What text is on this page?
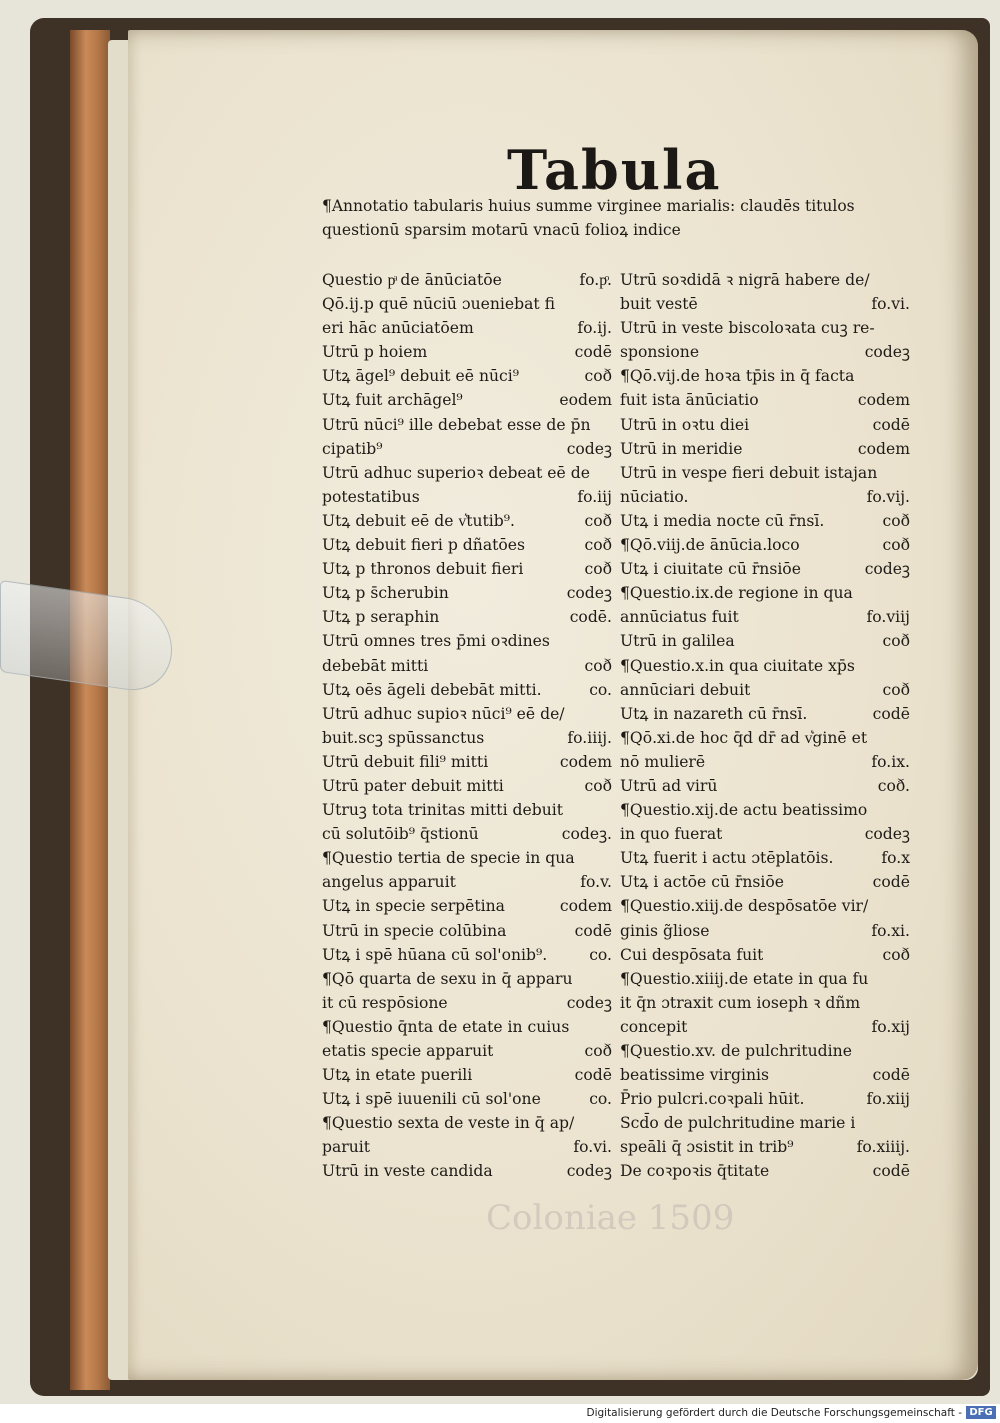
Tabula

¶Annotatio tabularis huius summe virginee marialis: claudēs titulos questionū sparsim motarū vnacū folioꝝ indice

Questio pͣ de ānūciatōe	fo.pͦ.
Qō.ij.p quē nūciū ɔueniebat fi
eri hāc anūciatōem	fo.ij.
Utrū p hoiem	codē
Utꝝ āgel⁹ debuit eē nūci⁹	coð
Utꝝ fuit archāgel⁹	eodem
Utrū nūci⁹ ille debebat esse de p̄n
cipatib⁹	codeꝫ
Utrū adhuc superioꝛ debeat eē de
potestatibus	fo.iij
Utꝝ debuit eē de v͛tutib⁹.	coð
Utꝝ debuit fieri p dñatōes	coð
Utꝝ p thronos debuit fieri	coð
Utꝝ p s̄cherubin	codeꝫ
Utꝝ p seraphin	codē.
Utrū omnes tres p̄mi oꝛdines
debebāt mitti	coð
Utꝝ oēs āgeli debebāt mitti.	co.
Utrū adhuc supioꝛ nūci⁹ eē de/
buit.scꝫ spūssanctus	fo.iiij.
Utrū debuit fili⁹ mitti	codem
Utrū pater debuit mitti	coð
Utruꝫ tota trinitas mitti debuit
cū solutōib⁹ q̄stionū	codeꝫ.
¶Questio tertia de specie in qua
angelus apparuit	fo.v.
Utꝝ in specie serpētina	codem
Utrū in specie colūbina	codē
Utꝝ i spē hūana cū sol'onib⁹.	co.
¶Qō quarta de sexu in q̄ apparu
it cū respōsione	codeꝫ
¶Questio q̄nta de etate in cuius
etatis specie apparuit	coð
Utꝝ in etate puerili	codē
Utꝝ i spē iuuenili cū sol'one	co.
¶Questio sexta de veste in q̄ ap/
paruit	fo.vi.
Utrū in veste candida	codeꝫ
Utrū soꝛdidā ꝛ nigrā habere de/
buit vestē	fo.vi.
Utrū in veste biscoloꝛata cuꝫ re-
sponsione	codeꝫ
¶Qō.vij.de hoꝛa tp̄is in q̄ facta
fuit ista ānūciatio	codem
Utrū in oꝛtu diei	codē
Utrū in meridie	codem
Utrū in vespe fieri debuit istajan
nūciatio.	fo.vij.
Utꝝ i media nocte cū r̄nsī.	coð
¶Qō.viij.de ānūcia.loco	coð
Utꝝ i ciuitate cū r̄nsiōe	codeꝫ
¶Questio.ix.de regione in qua
annūciatus fuit	fo.viij
Utrū in galilea	coð
¶Questio.x.in qua ciuitate xp̄s
annūciari debuit	coð
Utꝝ in nazareth cū r̄nsī.	codē
¶Qō.xi.de hoc q̄d dr̄ ad v͛ginē et
nō mulierē	fo.ix.
Utrū ad virū	coð.
¶Questio.xij.de actu beatissimo
in quo fuerat	codeꝫ
Utꝝ fuerit i actu ɔtēplatōis.	fo.x
Utꝝ i actōe cū r̄nsiōe	codē
¶Questio.xiij.de despōsatōe vir/
ginis g̃liose	fo.xi.
Cui despōsata fuit	coð
¶Questio.xiiij.de etate in qua fu
it q̄n ɔtraxit cum ioseph ꝛ dñm
concepit	fo.xij
¶Questio.xv. de pulchritudine
beatissime virginis	codē
P̄rio pulcri.coꝛpali hūit.	fo.xiij
Scd̄o de pulchritudine marie i
speāli q̄ ɔsistit in trib⁹	fo.xiiij.
De coꝛpoꝛis q̄titate	codē

Coloniae 1509

Digitalisierung gefördert durch die Deutsche Forschungsgemeinschaft - DFG
